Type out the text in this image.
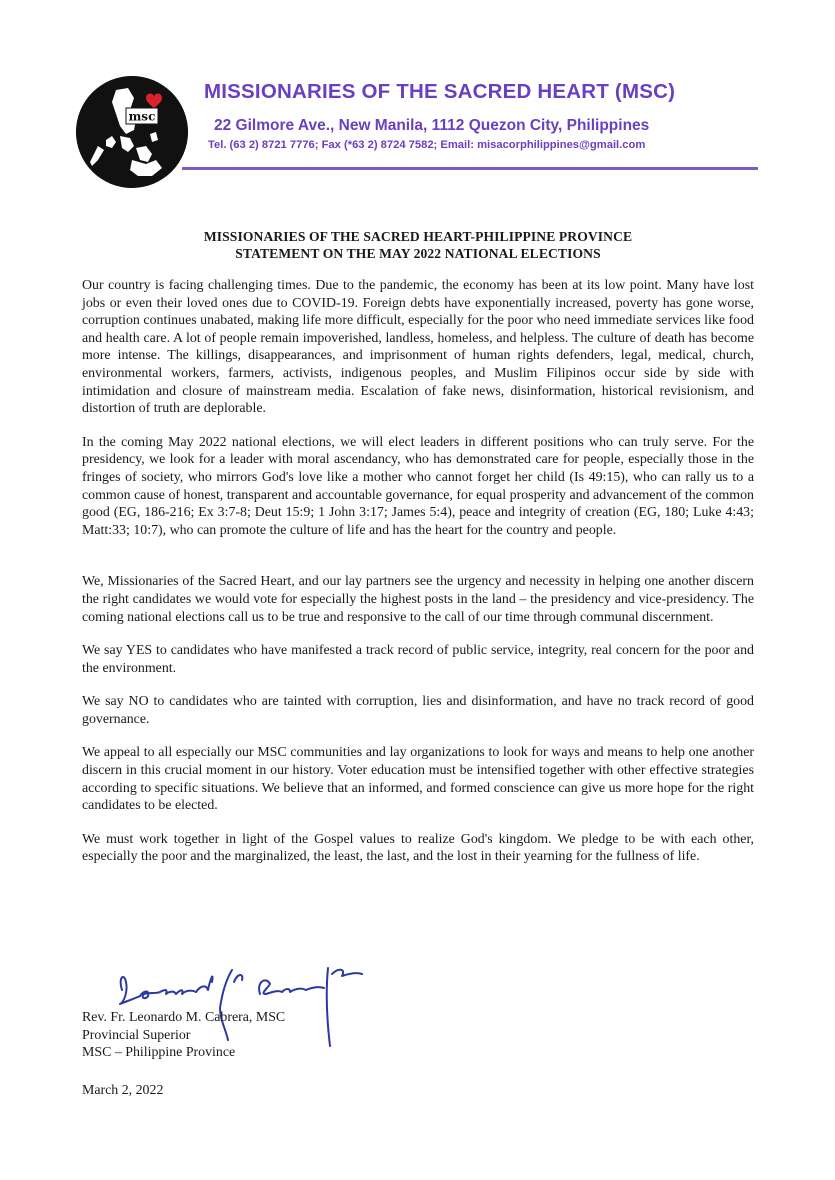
msc
MISSIONARIES OF THE SACRED HEART (MSC)
22 Gilmore Ave., New Manila, 1112 Quezon City, Philippines
Tel. (63 2) 8721 7776; Fax (*63 2) 8724 7582; Email: misacorphilippines@gmail.com
MISSIONARIES OF THE SACRED HEART-PHILIPPINE PROVINCE
STATEMENT ON THE MAY 2022 NATIONAL ELECTIONS

Our country is facing challenging times. Due to the pandemic, the economy has been at its low point. Many have lost jobs or even their loved ones due to COVID-19. Foreign debts have exponentially increased, poverty has gone worse, corruption continues unabated, making life more difficult, especially for the poor who need immediate services like food and health care. A lot of people remain impoverished, landless, homeless, and helpless. The culture of death has become more intense. The killings, disappearances, and imprisonment of human rights defenders, legal, medical, church, environmental workers, farmers, activists, indigenous peoples, and Muslim Filipinos occur side by side with intimidation and closure of mainstream media. Escalation of fake news, disinformation, historical revisionism, and distortion of truth are deplorable.

In the coming May 2022 national elections, we will elect leaders in different positions who can truly serve. For the presidency, we look for a leader with moral ascendancy, who has demonstrated care for people, especially those in the fringes of society, who mirrors God's love like a mother who cannot forget her child (Is 49:15), who can rally us to a common cause of honest, transparent and accountable governance, for equal prosperity and advancement of the common good (EG, 186-216; Ex 3:7-8; Deut 15:9; 1 John 3:17; James 5:4), peace and integrity of creation (EG, 180; Luke 4:43; Matt:33; 10:7), who can promote the culture of life and has the heart for the country and people.

We, Missionaries of the Sacred Heart, and our lay partners see the urgency and necessity in helping one another discern the right candidates we would vote for especially the highest posts in the land – the presidency and vice-presidency. The coming national elections call us to be true and responsive to the call of our time through communal discernment.

We say YES to candidates who have manifested a track record of public service, integrity, real concern for the poor and the environment.

We say NO to candidates who are tainted with corruption, lies and disinformation, and have no track record of good governance.

We appeal to all especially our MSC communities and lay organizations to look for ways and means to help one another discern in this crucial moment in our history. Voter education must be intensified together with other effective strategies according to specific situations. We believe that an informed, and formed conscience can give us more hope for the right candidates to be elected.

We must work together in light of the Gospel values to realize God's kingdom. We pledge to be with each other, especially the poor and the marginalized, the least, the last, and the lost in their yearning for the fullness of life.

Rev. Fr. Leonardo M. Cabrera, MSC
Provincial Superior
MSC – Philippine Province
March 2, 2022
